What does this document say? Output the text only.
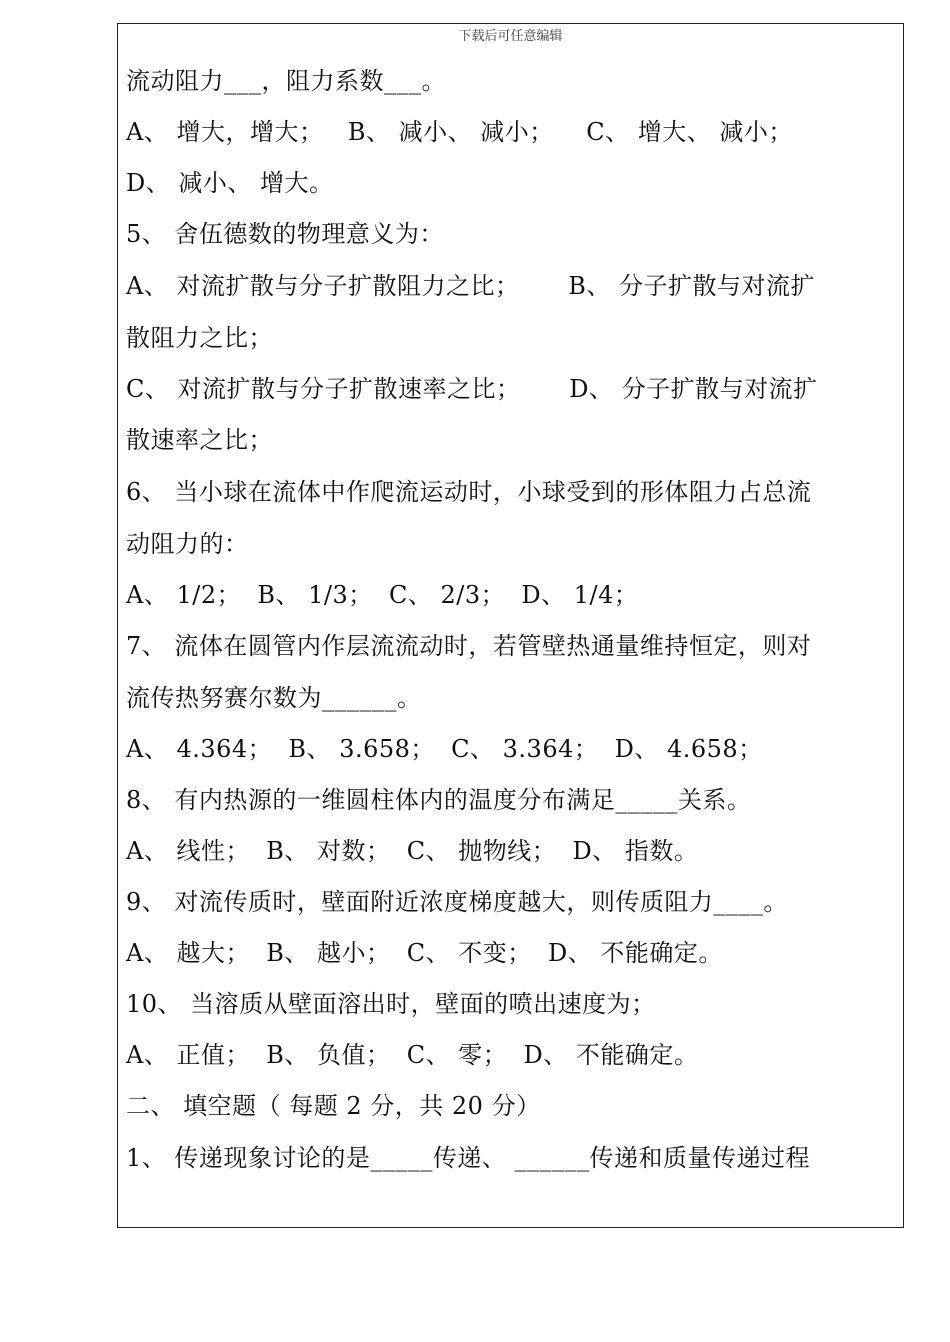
下载后可任意编辑
流动阻力___，阻力系数___。
A、 增大，增大；   B、 减小、 减小；    C、 增大、 减小；
D、 减小、 增大。
5、 舍伍德数的物理意义为：
A、 对流扩散与分子扩散阻力之比；      B、 分子扩散与对流扩
散阻力之比；
C、 对流扩散与分子扩散速率之比；      D、 分子扩散与对流扩
散速率之比；
6、 当小球在流体中作爬流运动时，小球受到的形体阻力占总流
动阻力的：
A、 1/2；  B、 1/3；  C、 2/3；  D、 1/4；
7、 流体在圆管内作层流流动时，若管壁热通量维持恒定，则对
流传热努赛尔数为______。
A、 4.364；  B、 3.658；  C、 3.364；  D、 4.658；
8、 有内热源的一维圆柱体内的温度分布满足_____关系。
A、 线性；  B、 对数；  C、 抛物线；  D、 指数。
9、 对流传质时，壁面附近浓度梯度越大，则传质阻力____。
A、 越大；  B、 越小；  C、 不变；  D、 不能确定。
10、 当溶质从壁面溶出时，壁面的喷出速度为；
A、 正值；  B、 负值；  C、 零；  D、 不能确定。
二、 填空题（ 每题 2 分，共 20 分）
1、 传递现象讨论的是_____传递、 ______传递和质量传递过程
